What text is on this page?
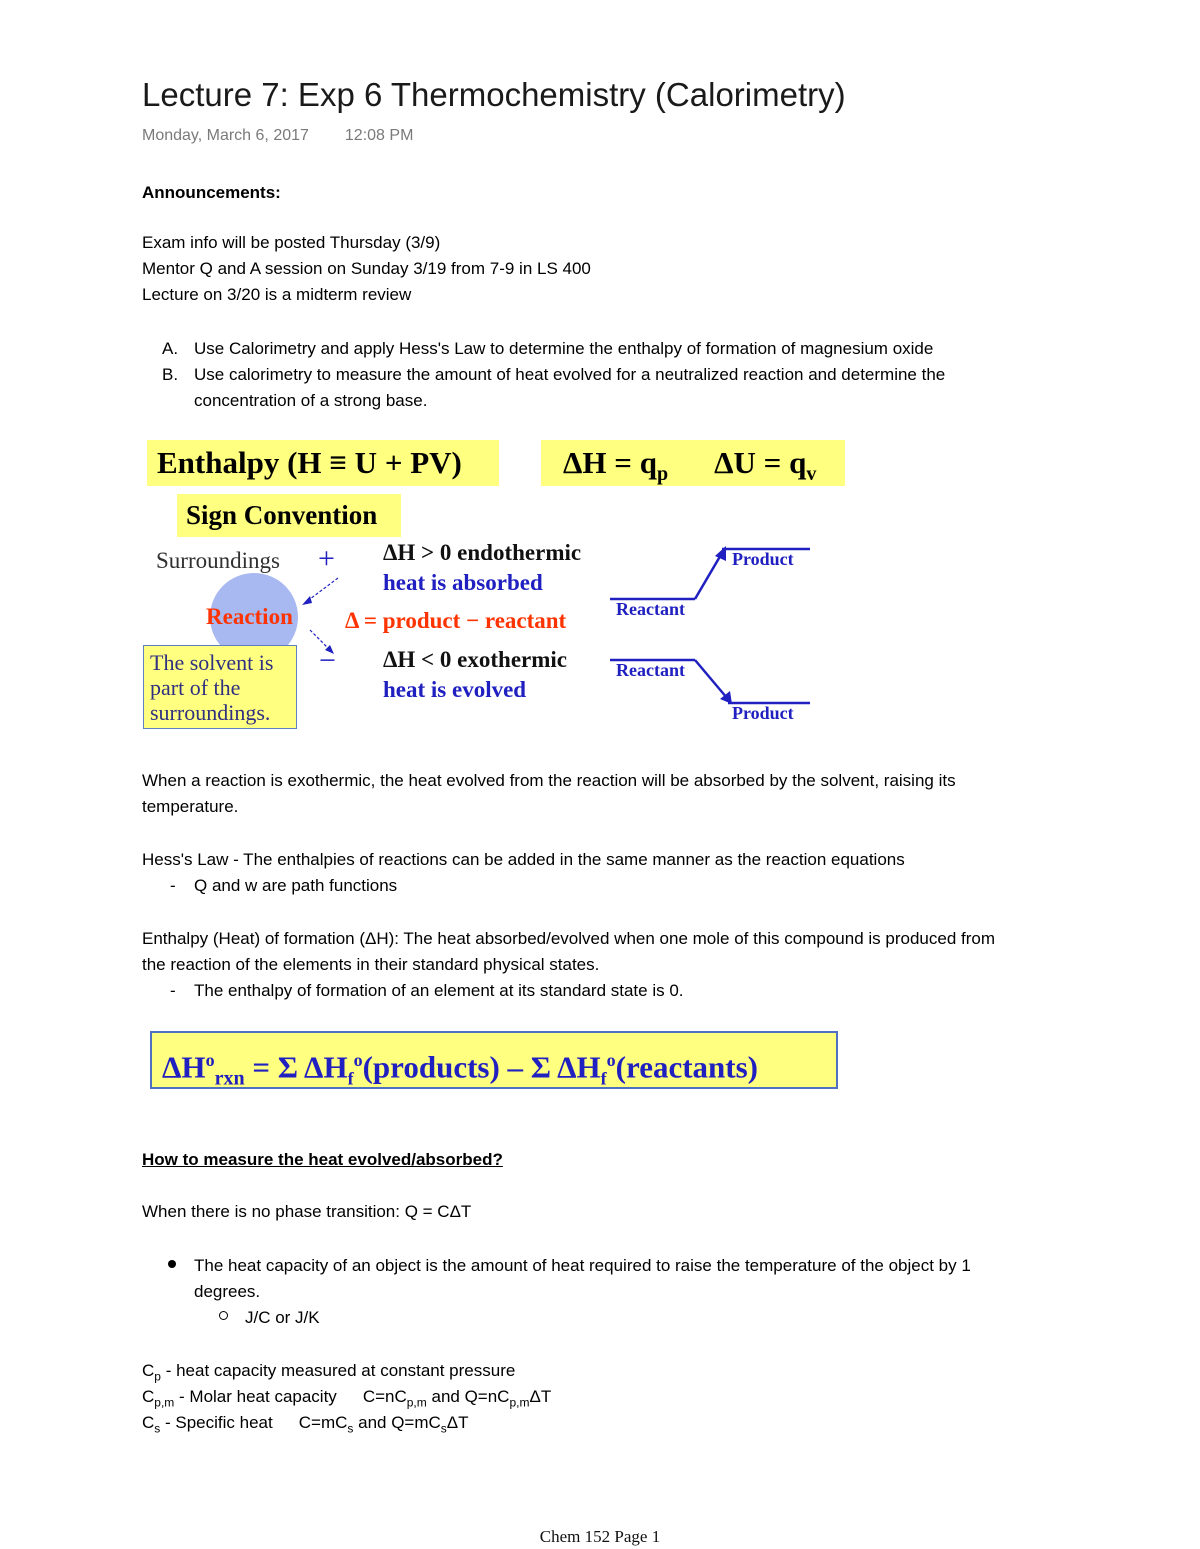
Lecture 7: Exp 6 Thermochemistry (Calorimetry)
Monday, March 6, 2017 12:08 PM
Announcements:
Exam info will be posted Thursday (3/9)
Mentor Q and A session on Sunday 3/19 from 7-9 in LS 400
Lecture on 3/20 is a midterm review
A. Use Calorimetry and apply Hess's Law to determine the enthalpy of formation of magnesium oxide
B. Use calorimetry to measure the amount of heat evolved for a neutralized reaction and determine the
concentration of a strong base.
Enthalpy (H ≡ U + PV)	$\Delta H = q_p$ $\Delta U = q_v$
Sign Convention
Surroundings +
−
Reaction
The solvent is
part of the
surroundings.
ΔH > 0 endothermic
heat is absorbed
Δ = product − reactant
ΔH < 0 exothermic
heat is evolved
Product
Reactant
Reactant
Product
When a reaction is exothermic, the heat evolved from the reaction will be absorbed by the solvent, raising its
temperature.
Hess's Law - The enthalpies of reactions can be added in the same manner as the reaction equations
- Q and w are path functions
Enthalpy (Heat) of formation (ΔH): The heat absorbed/evolved when one mole of this compound is produced from
the reaction of the elements in their standard physical states.
- The enthalpy of formation of an element at its standard state is 0.
$\Delta H^o_{rxn} = \Sigma$ $\Delta H_f^o(products)$ – Σ $\Delta H_f^o(reactants)$
How to measure the heat evolved/absorbed?
When there is no phase transition: Q = CΔT
The heat capacity of an object is the amount of heat required to raise the temperature of the object by 1
degrees.
J/C or J/K
$C_p$ - heat capacity measured at constant pressure
$C_{p,m}$ - Molar heat capacity $C=nC_{p,m}$ and $Q=nC_{p,m}\Delta T$
$C_s$ - Specific heat $C=mC_s$ and $Q=mC_s\Delta T$
Chem 152 Page 1
